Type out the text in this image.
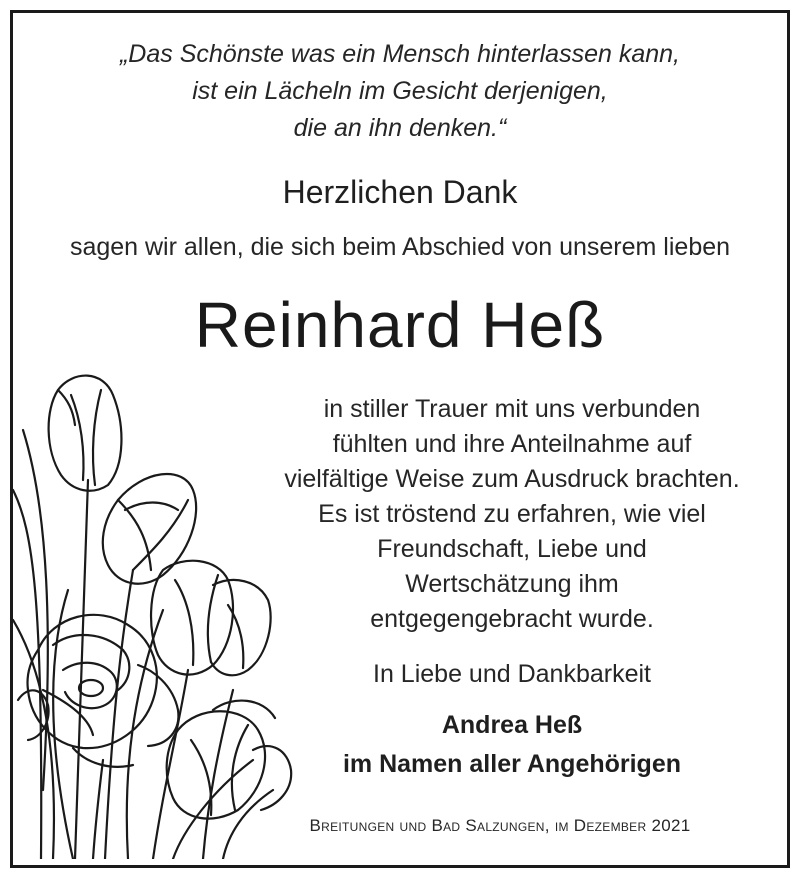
„Das Schönste was ein Mensch hinterlassen kann,
ist ein Lächeln im Gesicht derjenigen,
die an ihn denken.“
Herzlichen Dank
sagen wir allen, die sich beim Abschied von unserem lieben
Reinhard Heß
in stiller Trauer mit uns verbunden
fühlten und ihre Anteilnahme auf
vielfältige Weise zum Ausdruck brachten.
Es ist tröstend zu erfahren, wie viel
Freundschaft, Liebe und
Wertschätzung ihm
entgegengebracht wurde.
In Liebe und Dankbarkeit
Andrea Heß
im Namen aller Angehörigen
Breitungen und Bad Salzungen, im Dezember 2021
